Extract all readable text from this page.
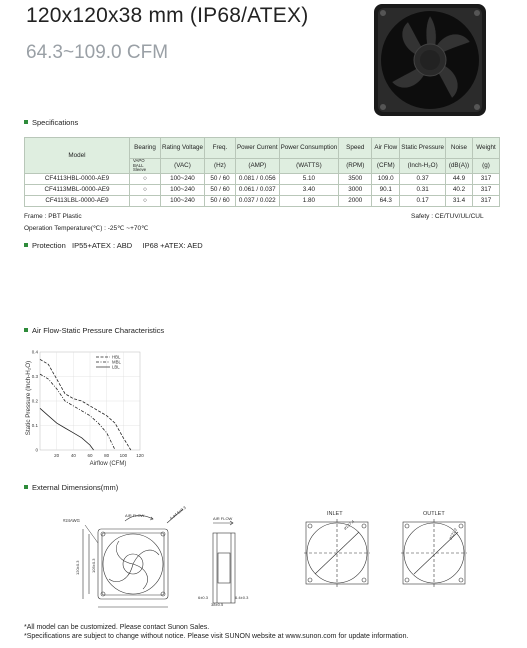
120x120x38 mm (IP68/ATEX)
64.3~109.0 CFM
Specifications
Model	Bearing	Rating Voltage	Freq.	Power Current	Power Consumption	Speed	Air Flow	Static Pressure	Noise	Weight

	VAPO
BALL
Sleeve	(VAC)	(Hz)	(AMP)	(WATTS)	(RPM)	(CFM)	(Inch-H₂O)	(dB(A))	(g)
CF4113HBL-0000-AE9	○	100~240	50 / 60	0.081 / 0.056	5.10	3500	109.0	0.37	44.9	317
CF4113MBL-0000-AE9	○	100~240	50 / 60	0.061 / 0.037	3.40	3000	90.1	0.31	40.2	317
CF4113LBL-0000-AE9	○	100~240	50 / 60	0.037 / 0.022	1.80	2000	64.3	0.17	31.4	317
Frame : PBT Plastic
Operation Temperature(℃) : -25℃ ~+70℃
Safety : CE/TUV/UL/CUL
Protection IP55+ATEX : ABD IP68 +ATEX: AED
Air Flow-Static Pressure Characteristics
20	40	60	80 100 120
0
0.1
0.2
0.3
0.4
HBL
MBL
LBL
Airflow (CFM)
Static Pressure (Inch-H₂O)
External Dimensions(mm)
#24AWG
AIR FLOW	4-ø4.5±0.3
120±0.3	105±0.3
AIR FLOW
6±0.3	6.4±0.3
38±0.5
INLET
ø137.4
OUTLET
ø121.2
*All model can be customized. Please contact Sunon Sales.
*Specifications are subject to change without notice. Please visit SUNON website at www.sunon.com for update information.
